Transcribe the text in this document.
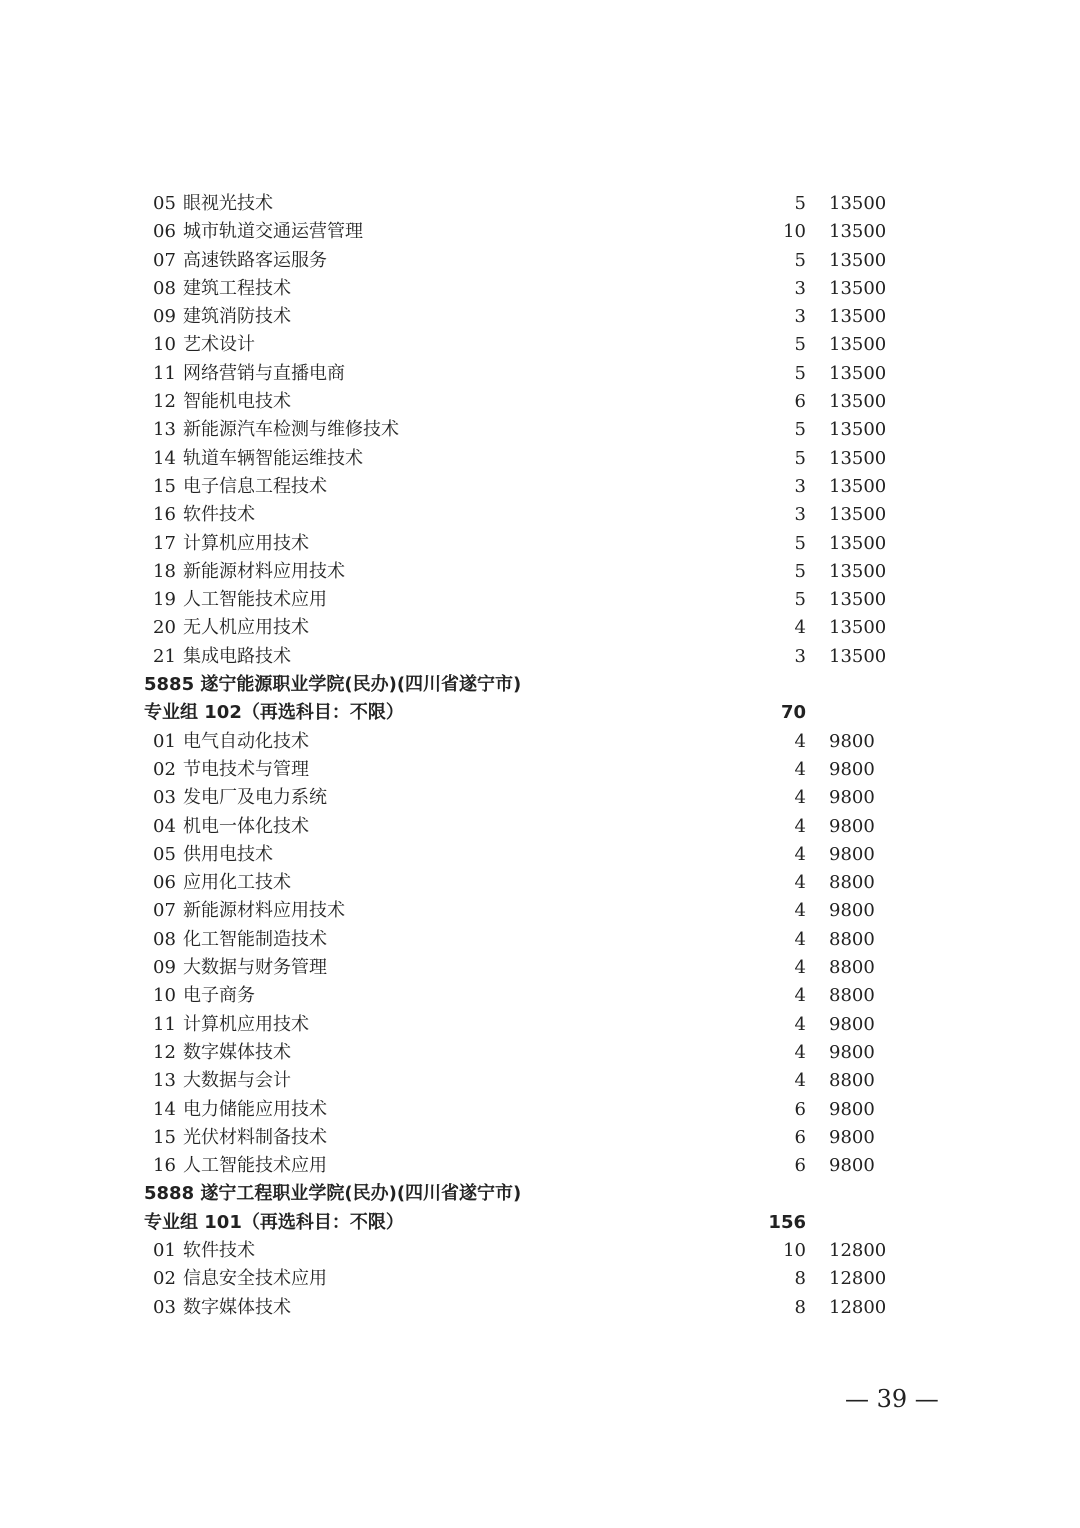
05 眼视光技术	5 13500
06 城市轨道交通运营管理	10 13500
07 高速铁路客运服务	5 13500
08 建筑工程技术	3 13500
09 建筑消防技术	3 13500
10 艺术设计	5 13500
11 网络营销与直播电商	5 13500
12 智能机电技术	6 13500
13 新能源汽车检测与维修技术	5 13500
14 轨道车辆智能运维技术	5 13500
15 电子信息工程技术	3 13500
16 软件技术	3 13500
17 计算机应用技术	5 13500
18 新能源材料应用技术	5 13500
19 人工智能技术应用	5 13500
20 无人机应用技术	4 13500
21 集成电路技术	3 13500
5885 遂宁能源职业学院(民办)(四川省遂宁市)
专业组 102（再选科目：不限）	70
01 电气自动化技术	4 9800
02 节电技术与管理	4 9800
03 发电厂及电力系统	4 9800
04 机电一体化技术	4 9800
05 供用电技术	4 9800
06 应用化工技术	4 8800
07 新能源材料应用技术	4 9800
08 化工智能制造技术	4 8800
09 大数据与财务管理	4 8800
10 电子商务	4 8800
11 计算机应用技术	4 9800
12 数字媒体技术	4 9800
13 大数据与会计	4 8800
14 电力储能应用技术	6 9800
15 光伏材料制备技术	6 9800
16 人工智能技术应用	6 9800
5888 遂宁工程职业学院(民办)(四川省遂宁市)
专业组 101（再选科目：不限）	156
01 软件技术	10 12800
02 信息安全技术应用	8 12800
03 数字媒体技术	8 12800
— 39 —
